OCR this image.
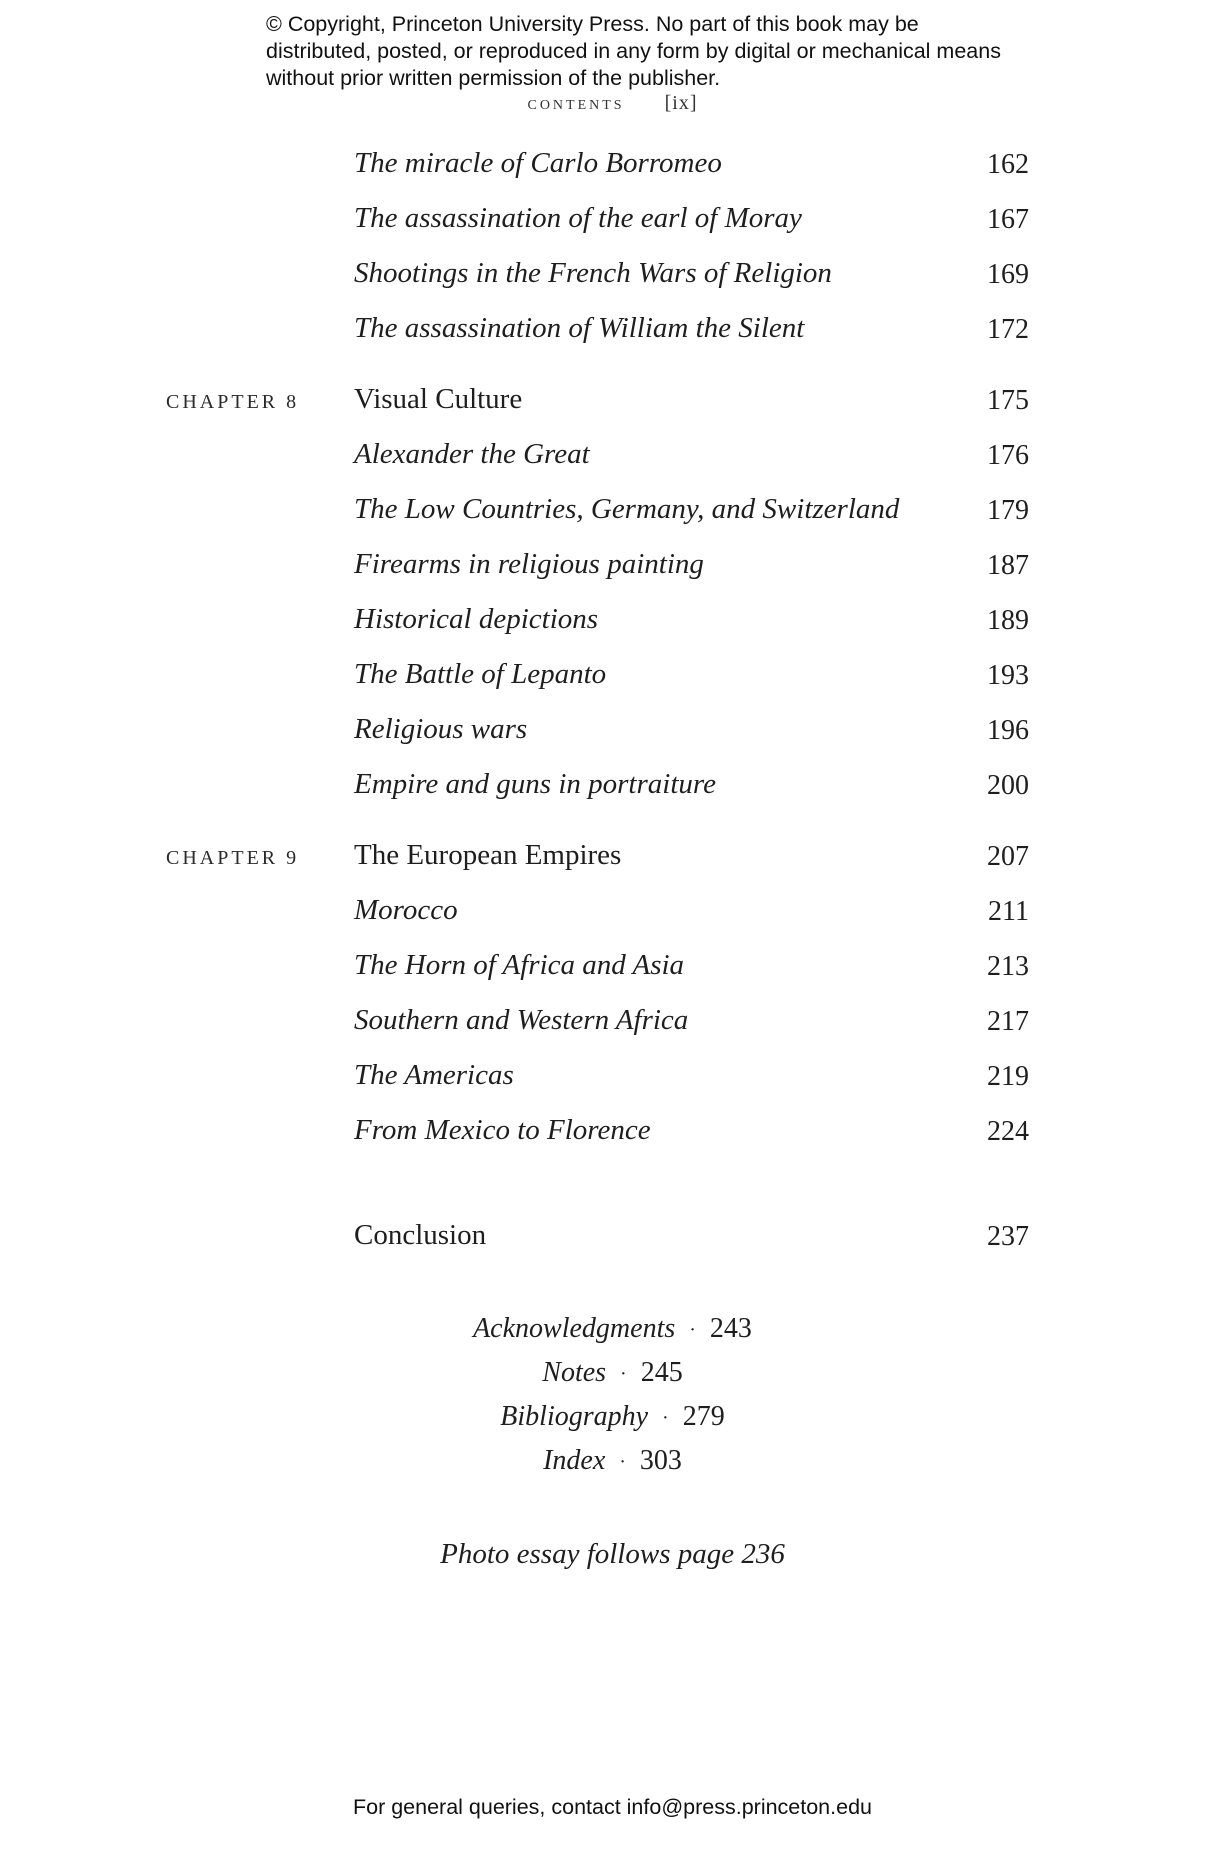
© Copyright, Princeton University Press. No part of this book may be distributed, posted, or reproduced in any form by digital or mechanical means without prior written permission of the publisher.
contents [ix]
The miracle of Carlo Borromeo	162
The assassination of the earl of Moray	167
Shootings in the French Wars of Religion	169
The assassination of William the Silent	172
CHAPTER 8 Visual Culture	175
Alexander the Great	176
The Low Countries, Germany, and Switzerland	179
Firearms in religious painting	187
Historical depictions	189
The Battle of Lepanto	193
Religious wars	196
Empire and guns in portraiture	200
CHAPTER 9 The European Empires	207
Morocco	211
The Horn of Africa and Asia	213
Southern and Western Africa	217
The Americas	219
From Mexico to Florence	224
Conclusion	237
Acknowledgments · 243
Notes · 245
Bibliography · 279
Index · 303
Photo essay follows page 236
For general queries, contact info@press.princeton.edu
